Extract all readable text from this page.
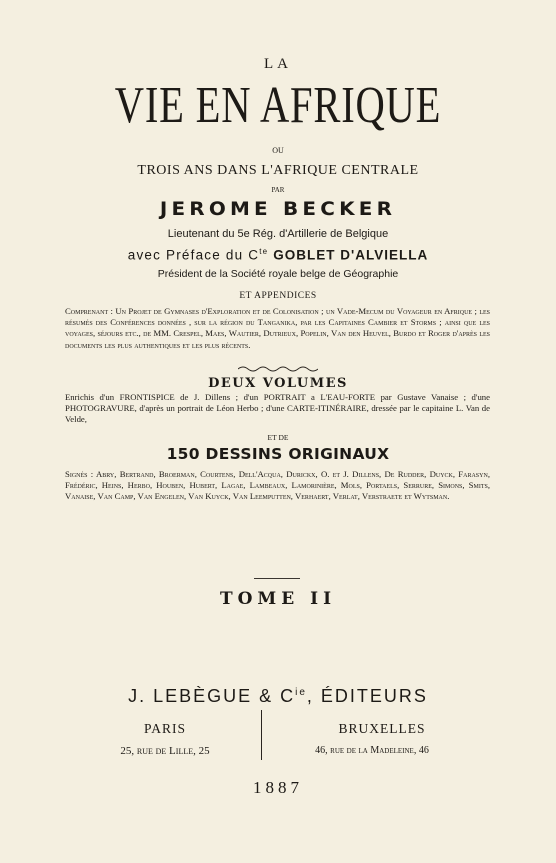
LA
VIE EN AFRIQUE
OU
TROIS ANS DANS L'AFRIQUE CENTRALE
PAR
JEROME BECKER
Lieutenant du 5e Rég. d'Artillerie de Belgique
avec Préface du $C^{te}$ GOBLET D'ALVIELLA
Président de la Société royale belge de Géographie
ET APPENDICES
Comprenant : Un Projet de Gymnases d'Exploration et de Colonisation ; un Vade-Mecum du Voyageur en Afrique ; les résumés des Conférences données , sur la région du Tanganika, par les Capitaines Cambier et Storms ; ainsi que les voyages, séjours etc., de MM. Crespel, Maes, Wautier, Dutrieux, Popelin, Van den Heuvel, Burdo et Roger d'après les documents les plus authentiques et les plus récents.
DEUX VOLUMES
Enrichis d'un FRONTISPICE de J. Dillens ; d'un PORTRAIT a L'EAU-FORTE par Gustave Vanaise ; d'une PHOTOGRAVURE, d'après un portrait de Léon Herbo ; d'une CARTE-ITINÉRAIRE, dressée par le capitaine L. Van de Velde,
ET DE
150 DESSINS ORIGINAUX
Signés : Abry, Bertrand, Broerman, Courtens, Dell'Acqua, Durickx, O. et J. Dillens, De Rudder, Duyck, Farasyn, Frédéric, Heins, Herbo, Houben, Hubert, Lagae, Lambeaux, Lamorinière, Mols, Portaels, Serrure, Simons, Smits, Vanaise, Van Camp, Van Engelen, Van Kuyck, Van Leemputten, Verhaert, Verlat, Verstraete et Wytsman.
TOME II
J. LEBÈGUE & $C^{ie}$, ÉDITEURS
PARIS	BRUXELLES
25, rue de Lille, 25	46, rue de la Madeleine, 46
1887
